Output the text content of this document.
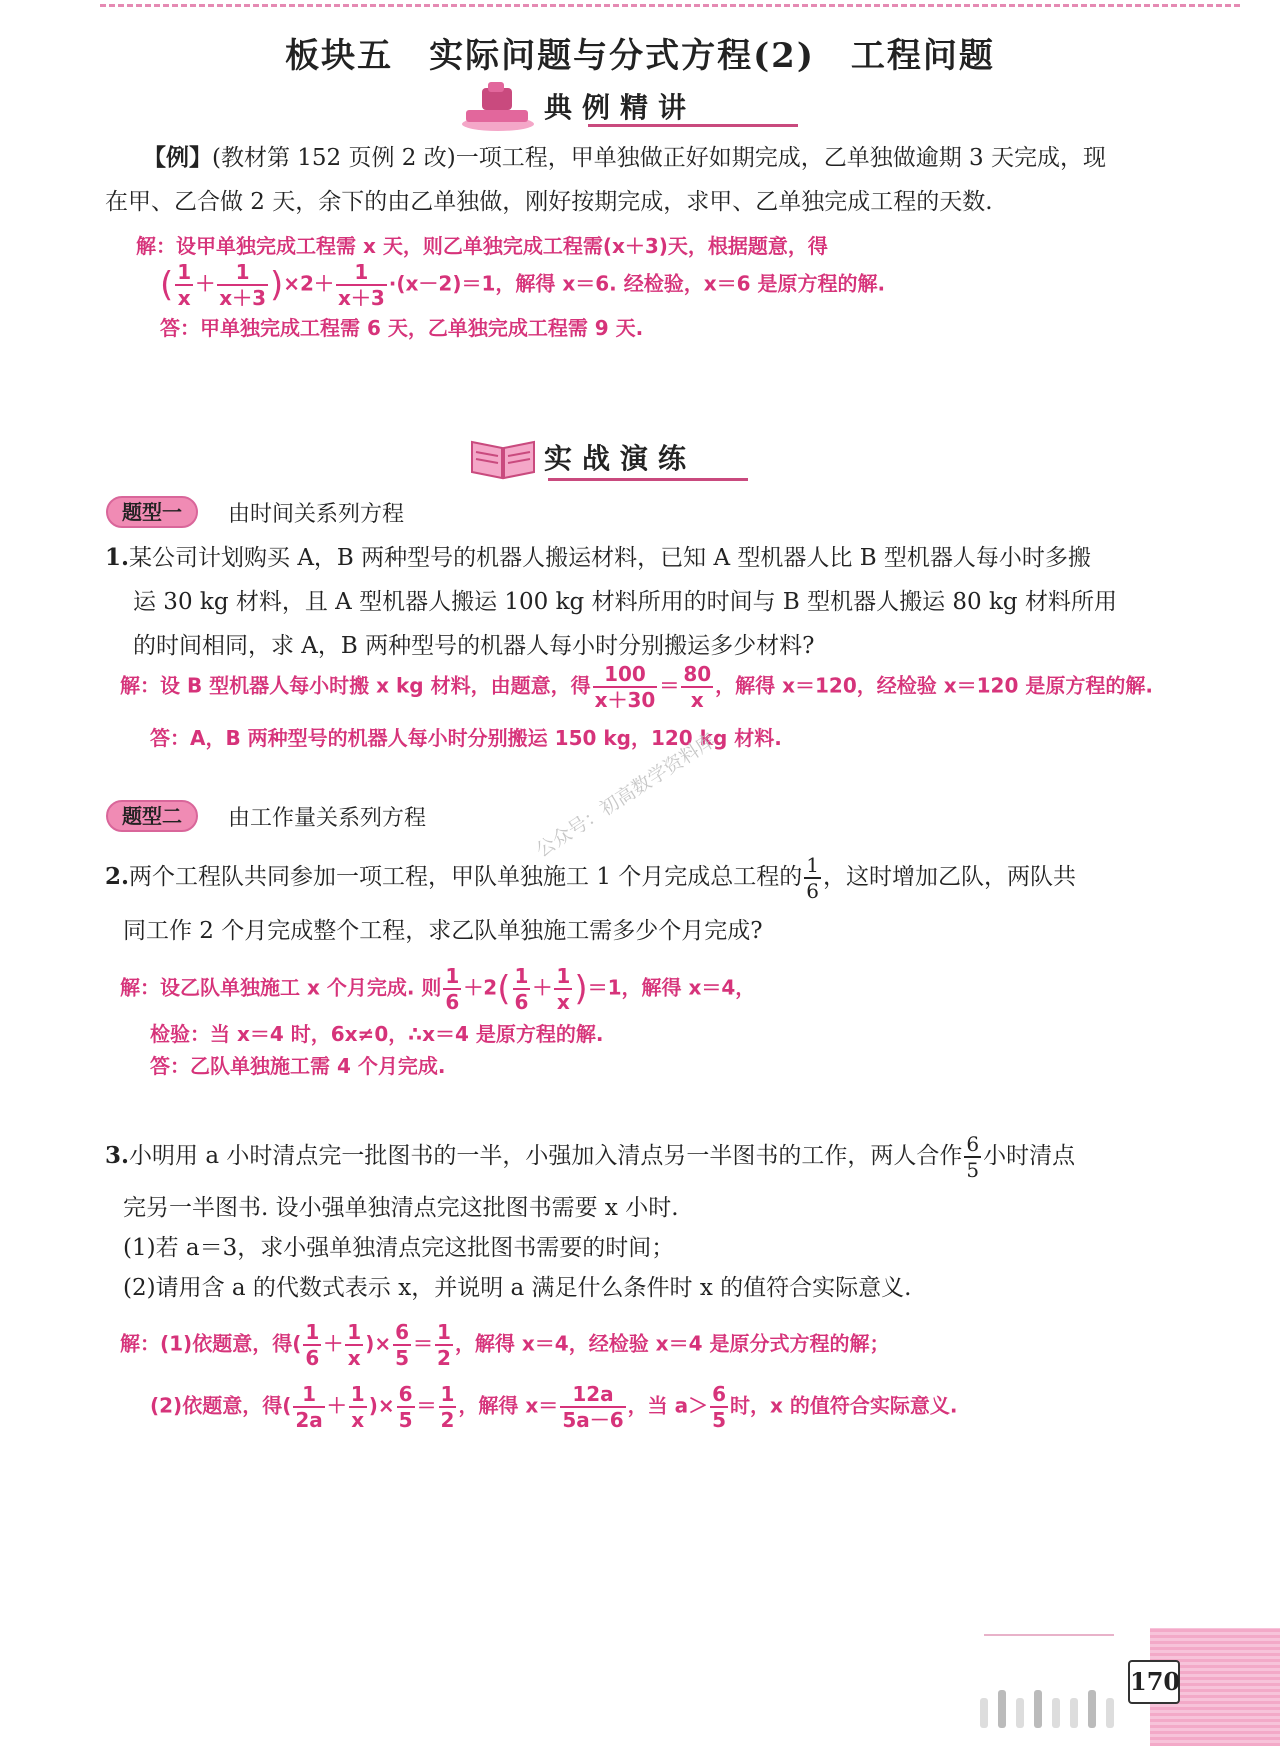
板块五　实际问题与分式方程(2)　工程问题
典例精讲
【例】(教材第 152 页例 2 改)一项工程，甲单独做正好如期完成，乙单独做逾期 3 天完成，现
在甲、乙合做 2 天，余下的由乙单独做，刚好按期完成，求甲、乙单独完成工程的天数.
解：设甲单独完成工程需 x 天，则乙单独完成工程需(x＋3)天，根据题意，得
( $\frac{1}{x} + \frac{1}{x+3} )\times 2+ \frac{1}{x+3} \cdot(x-2)=1$，解得 x＝6. 经检验，x＝6 是原方程的解.
答：甲单独完成工程需 6 天，乙单独完成工程需 9 天.
实战演练
题型一	由时间关系列方程
1.某公司计划购买 A，B 两种型号的机器人搬运材料，已知 A 型机器人比 B 型机器人每小时多搬
运 30 kg 材料，且 A 型机器人搬运 100 kg 材料所用的时间与 B 型机器人搬运 80 kg 材料所用
的时间相同，求 A，B 两种型号的机器人每小时分别搬运多少材料?
解：设 B 型机器人每小时搬 x kg 材料，由题意，得 $\frac{100}{x+30} = \frac{80}{x}$ ，解得 x＝120，经检验 x＝120 是原方程的解.
答：A，B 两种型号的机器人每小时分别搬运 150 kg，120 kg 材料.
公众号：初高数学资料库
题型二	由工作量关系列方程
2.两个工程队共同参加一项工程，甲队单独施工 1 个月完成总工程的 $\frac{1}{6}$ ，这时增加乙队，两队共
同工作 2 个月完成整个工程，求乙队单独施工需多少个月完成?
解：设乙队单独施工 x 个月完成. 则 $\frac{1}{6} +2( \frac{1}{6} + \frac{1}{x} )=1$，解得 x＝4，
检验：当 x＝4 时，6x≠0，∴x＝4 是原方程的解.
答：乙队单独施工需 4 个月完成.
3.小明用 a 小时清点完一批图书的一半，小强加入清点另一半图书的工作，两人合作 $\frac{6}{5}$ 小时清点
完另一半图书. 设小强单独清点完这批图书需要 x 小时.
(1)若 a＝3，求小强单独清点完这批图书需要的时间；
(2)请用含 a 的代数式表示 x，并说明 a 满足什么条件时 x 的值符合实际意义.
解：(1)依题意，得( $\frac{1}{6} + \frac{1}{x}$ )× $\frac{6}{5} = \frac{1}{2}$ ，解得 x＝4，经检验 x＝4 是原分式方程的解；
(2)依题意，得( $\frac{1}{2a} + \frac{1}{x}$ )× $\frac{6}{5} = \frac{1}{2}$ ，解得 $x= \frac{12a}{5a-6}$ ，当 $a> \frac{6}{5}$ 时，x 的值符合实际意义.
170
